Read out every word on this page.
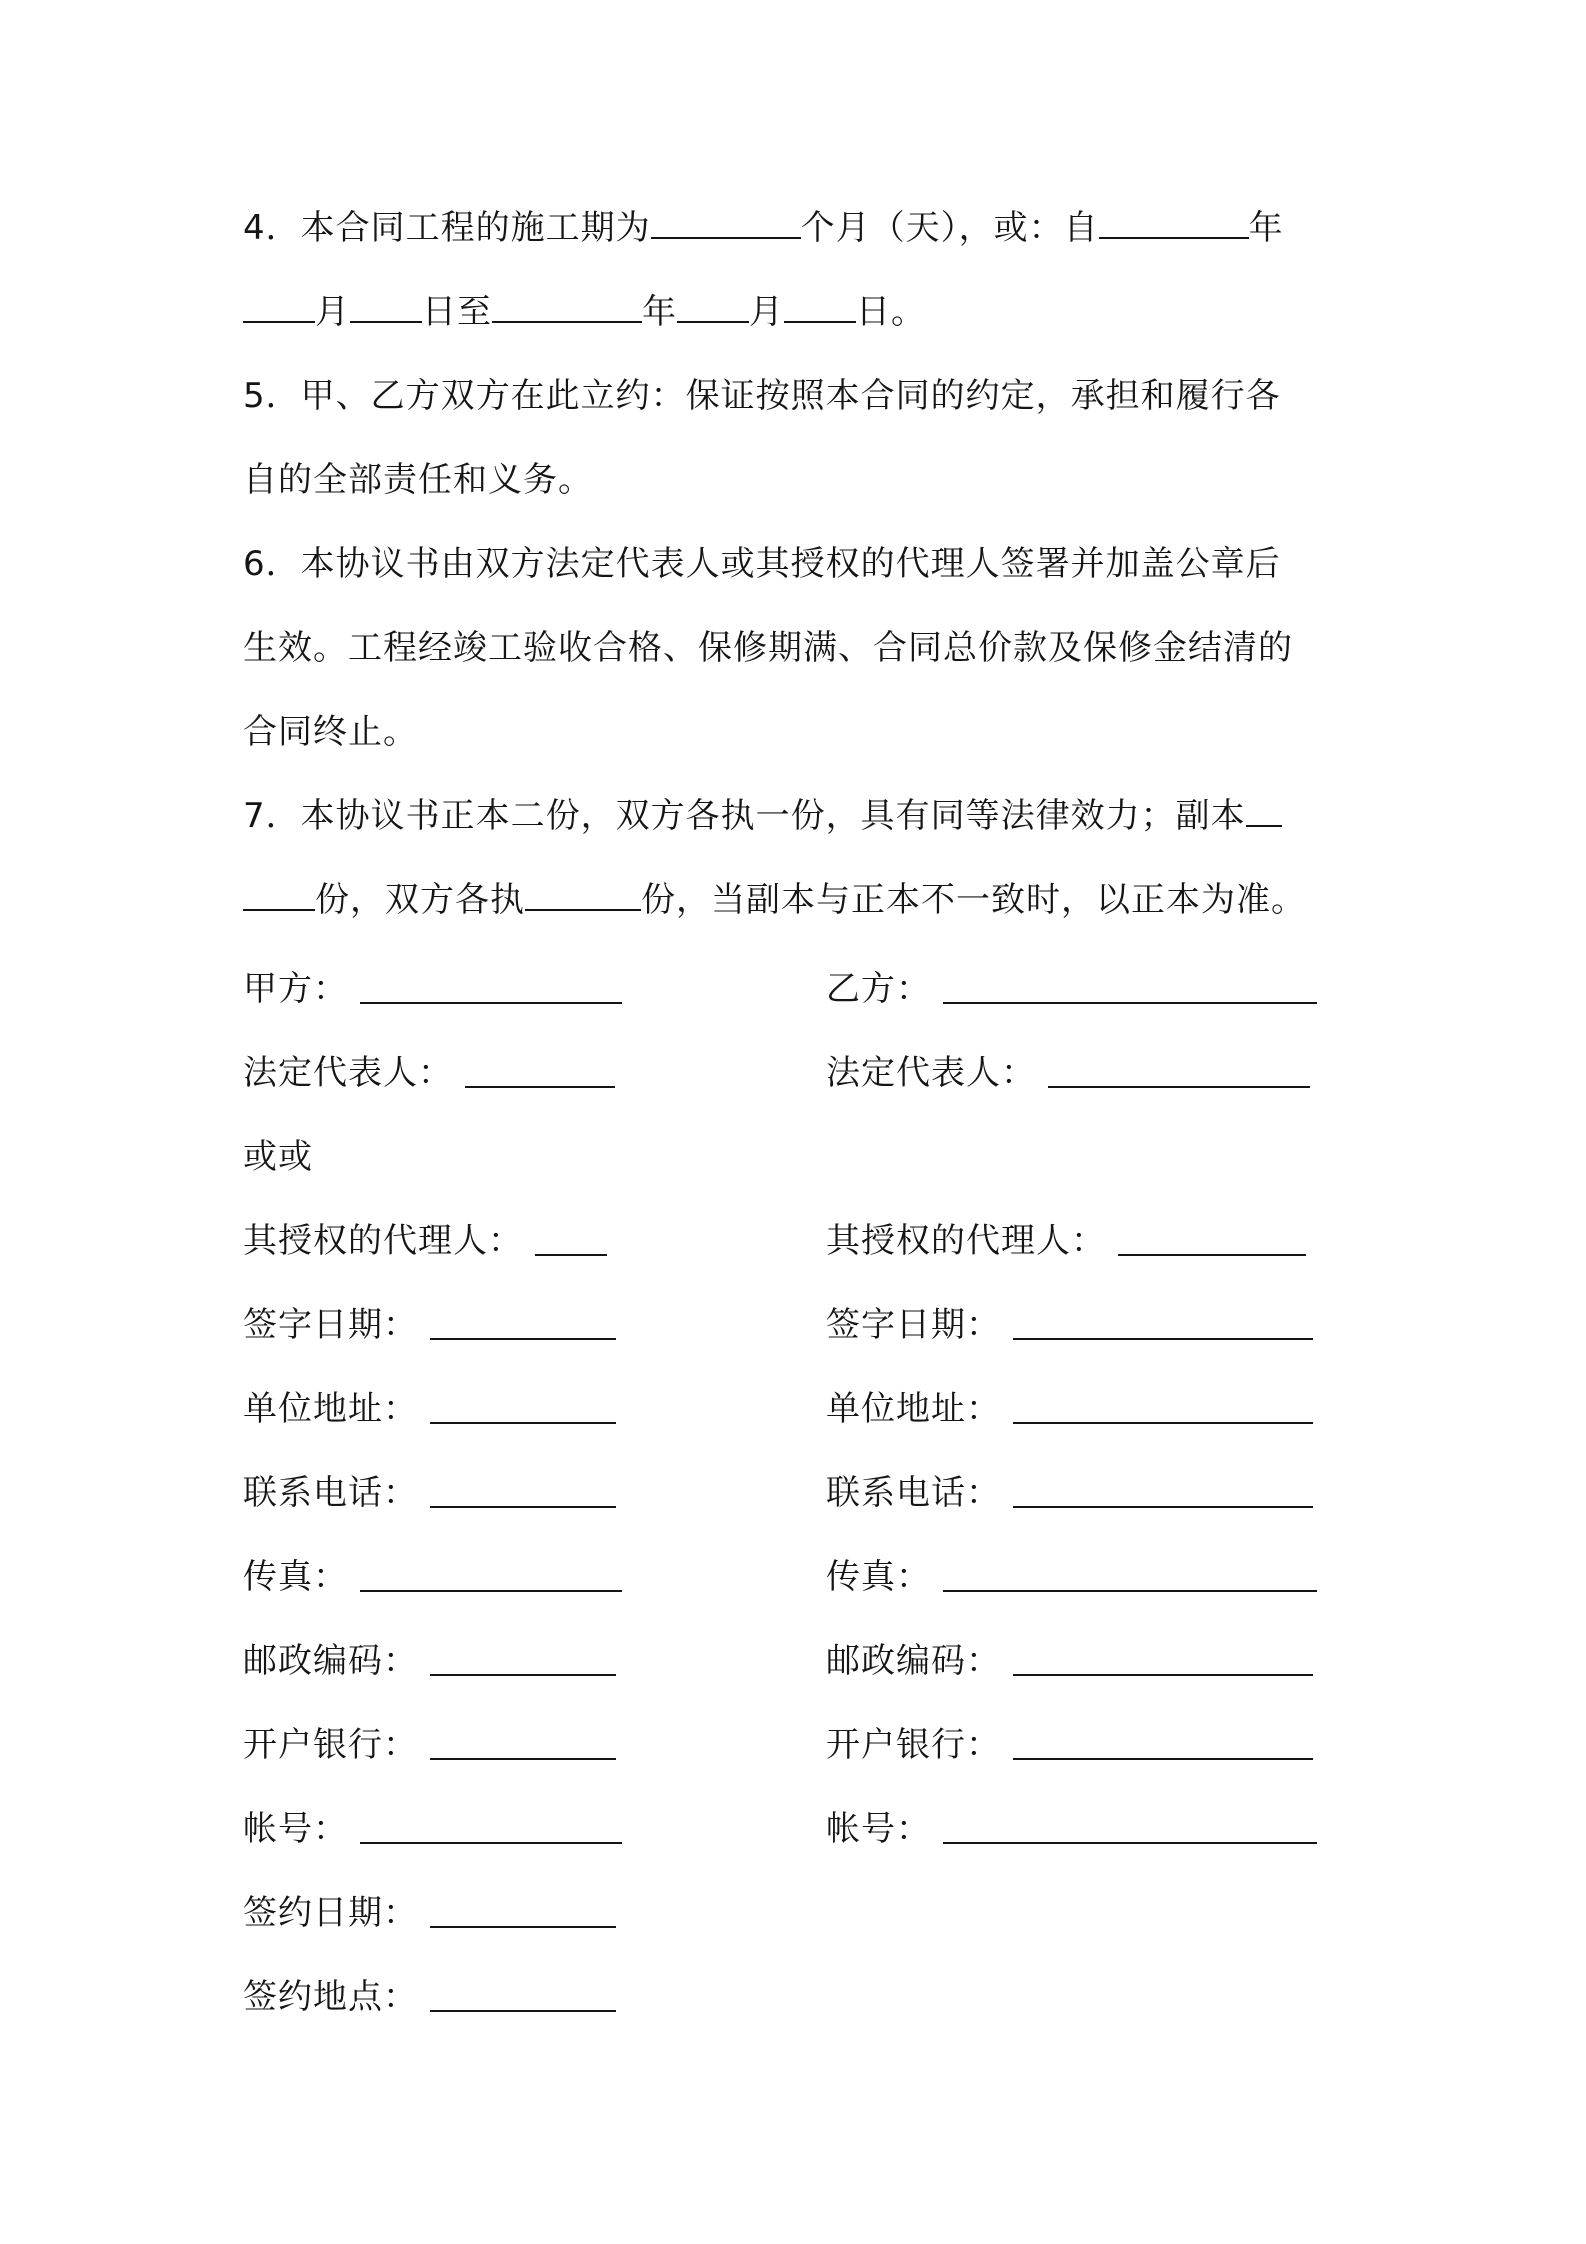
4．本合同工程的施工期为	个月（天），或：自	年

月 日至	年 月 日。

5．甲、乙方双方在此立约：保证按照本合同的约定，承担和履行各

自的全部责任和义务。

6．本协议书由双方法定代表人或其授权的代理人签署并加盖公章后

生效。工程经竣工验收合格、保修期满、合同总价款及保修金结清的

合同终止。

7．本协议书正本二份，双方各执一份，具有同等法律效力；副本

份，双方各执	份，当副本与正本不一致时，以正本为准。

甲方：	乙方：
法定代表人：	法定代表人：
或或
其授权的代理人：	其授权的代理人：
签字日期：	签字日期：
单位地址：	单位地址：
联系电话：	联系电话：
传真：	传真：
邮政编码：	邮政编码：
开户银行：	开户银行：
帐号：	帐号：
签约日期：
签约地点：
